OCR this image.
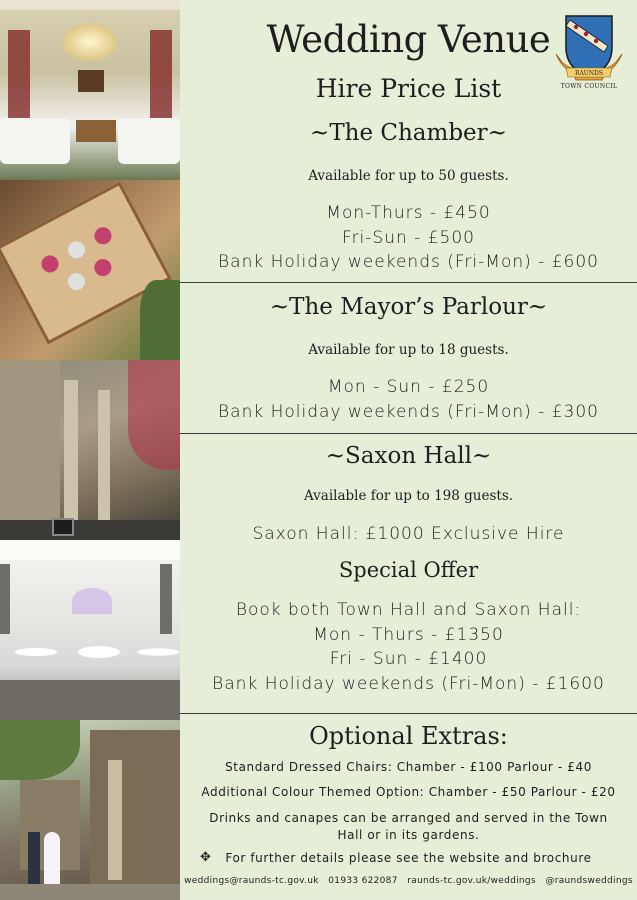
RAUNDS
TOWN COUNCIL
Wedding Venue
Hire Price List
~The Chamber~
Available for up to 50 guests.
Mon-Thurs - £450
Fri-Sun - £500
Bank Holiday weekends (Fri-Mon) - £600
~The Mayor’s Parlour~
Available for up to 18 guests.
Mon - Sun - £250
Bank Holiday weekends (Fri-Mon) - £300
~Saxon Hall~
Available for up to 198 guests.
Saxon Hall: £1000 Exclusive Hire
Special Offer
Book both Town Hall and Saxon Hall:
Mon - Thurs - £1350
Fri - Sun - £1400
Bank Holiday weekends (Fri-Mon) - £1600
Optional Extras:
Standard Dressed Chairs: Chamber - £100 Parlour - £40
Additional Colour Themed Option: Chamber - £50 Parlour - £20
Drinks and canapes can be arranged and served in the Town Hall or in its gardens.
✥ For further details please see the website and brochure
weddings@raunds-tc.gov.uk 01933 622087 raunds-tc.gov.uk/weddings @raundsweddings
